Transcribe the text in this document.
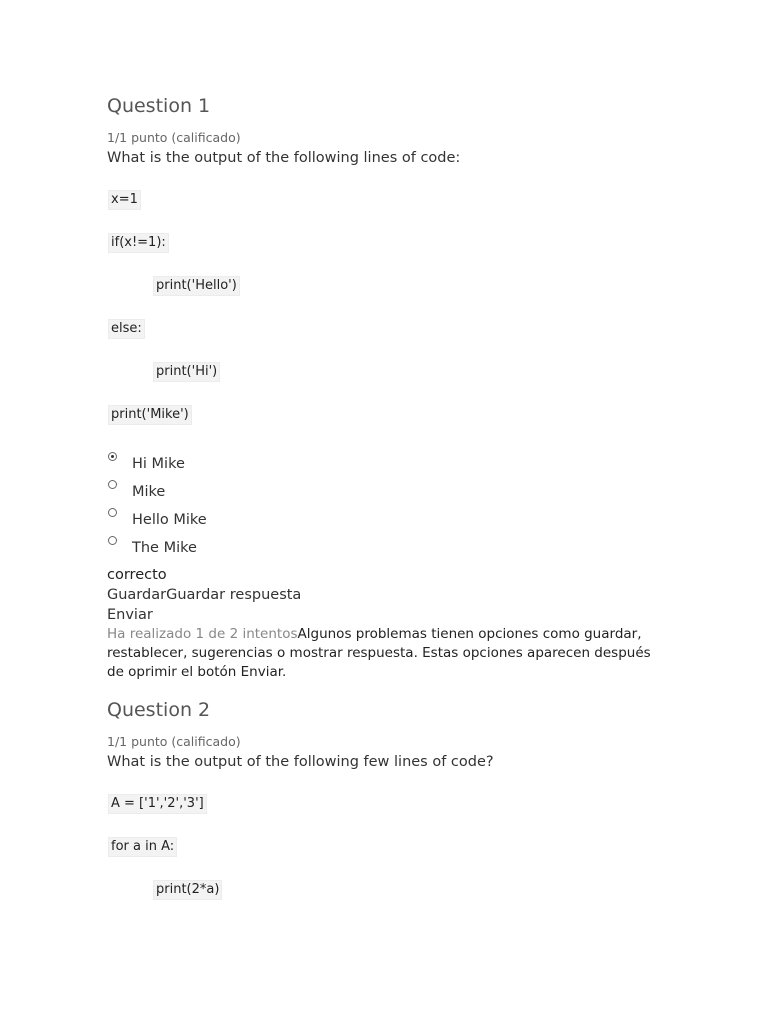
Question 1
1/1 punto (calificado)
What is the output of the following lines of code:
x=1
if(x!=1):
print('Hello')
else:
print('Hi')
print('Mike')
Hi Mike
Mike
Hello Mike
The Mike
correcto
GuardarGuardar respuesta
Enviar
Ha realizado 1 de 2 intentosAlgunos problemas tienen opciones como guardar, restablecer, sugerencias o mostrar respuesta. Estas opciones aparecen después de oprimir el botón Enviar.
Question 2
1/1 punto (calificado)
What is the output of the following few lines of code?
A = ['1','2','3']
for a in A:
print(2*a)
